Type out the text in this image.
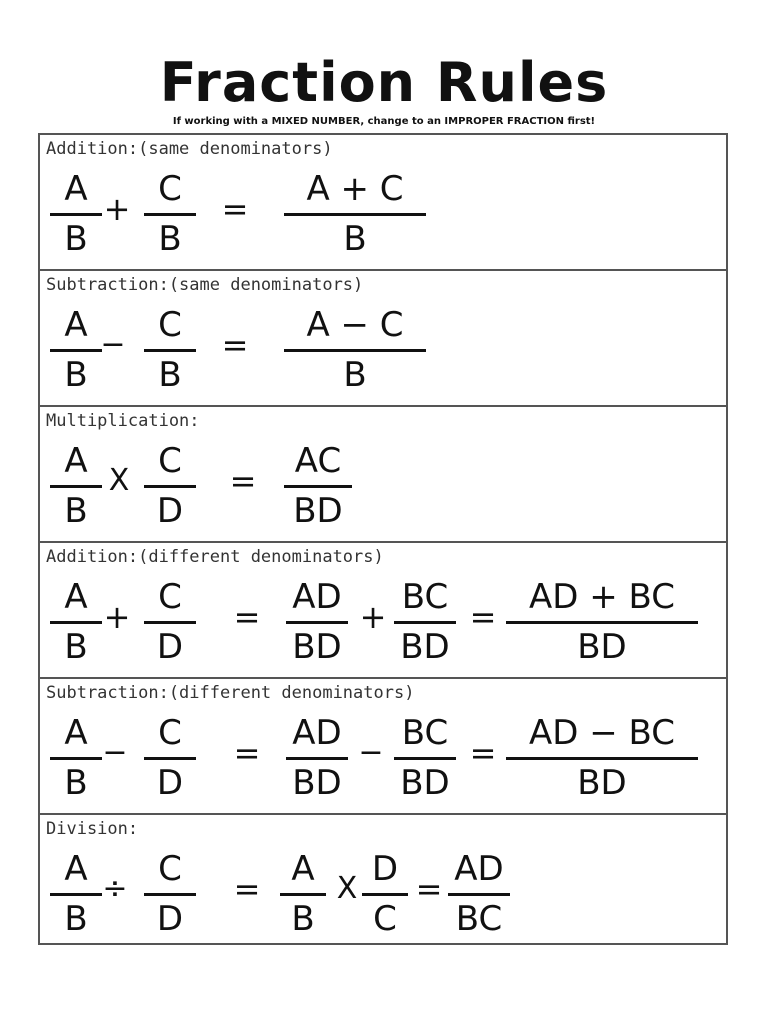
Fraction Rules
If working with a MIXED NUMBER, change to an IMPROPER FRACTION first!
Addition:(same denominators)
A
B
+ C
B
=	A + C
B
Subtraction:(same denominators)
A
B
− C
B
=	A − C
B
Multiplication:
A
B
X C
D
=	AC
BD
Addition:(different denominators)
A
B
+ C
D
= AD
BD
+ BC
BD
= AD + BC
BD
Subtraction:(different denominators)
A
B
− C
D
= AD
BD
− BC
BD
= AD − BC
BD
Division:
A
B
÷ C
D
= A
B
X D
C
= AD
BC
